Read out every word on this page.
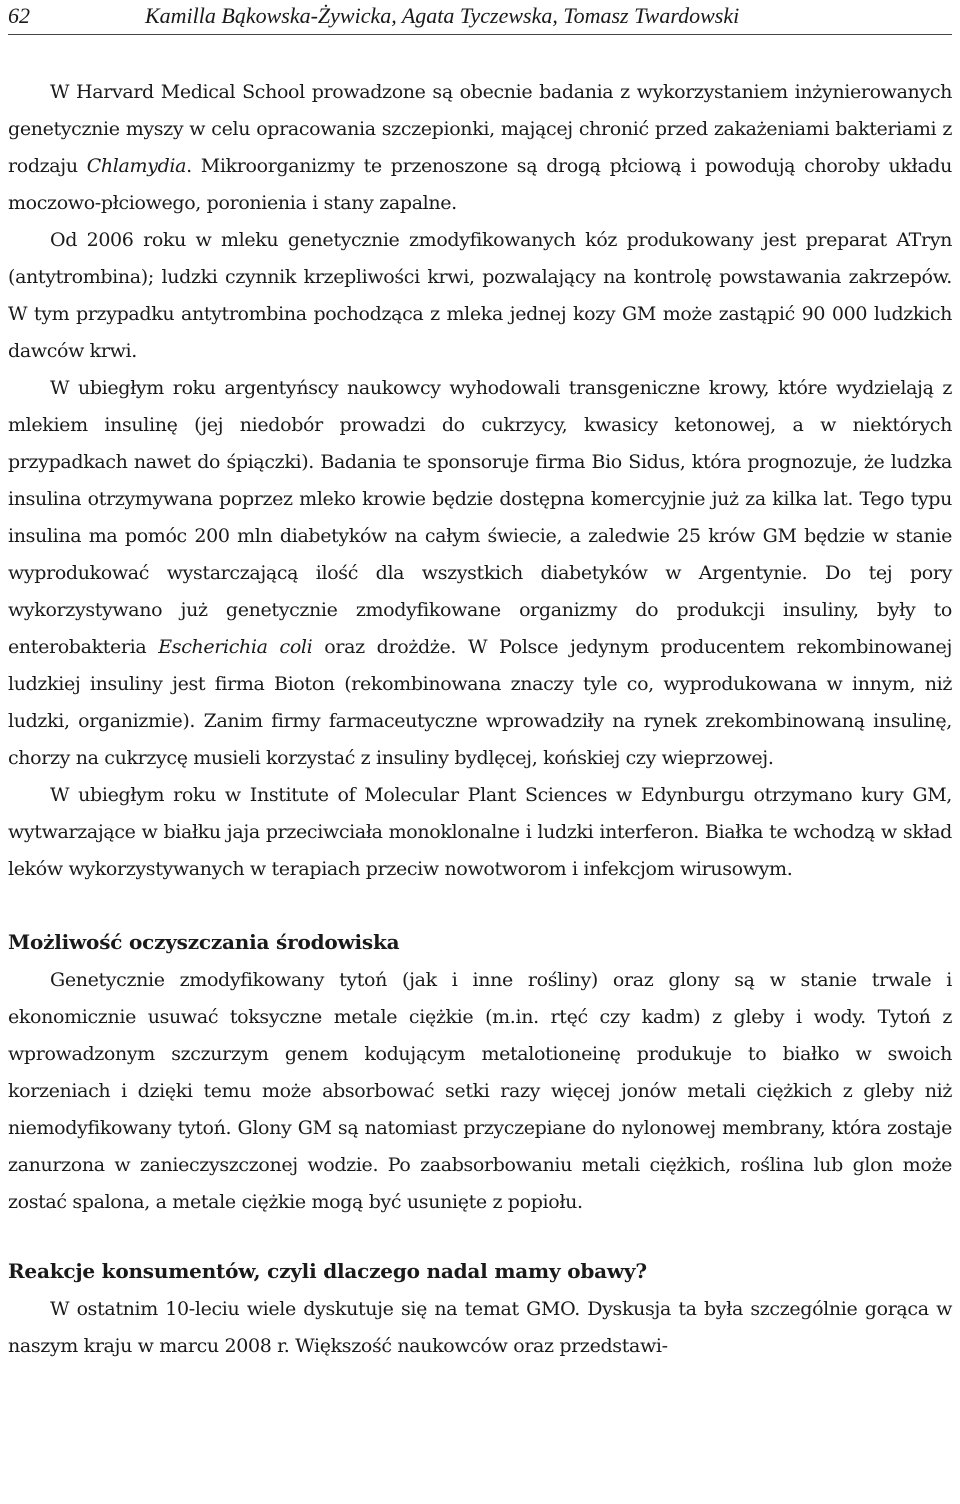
62	Kamilla Bąkowska-Żywicka, Agata Tyczewska, Tomasz Twardowski

W Harvard Medical School prowadzone są obecnie badania z wykorzystaniem inżynierowanych genetycznie myszy w celu opracowania szczepionki, mającej chronić przed zakażeniami bakteriami z rodzaju Chlamydia. Mikroorganizmy te przenoszone są drogą płciową i powodują choroby układu moczowo-płciowego, poronienia i stany zapalne.

Od 2006 roku w mleku genetycznie zmodyfikowanych kóz produkowany jest preparat ATryn (antytrombina); ludzki czynnik krzepliwości krwi, pozwalający na kontrolę powstawania zakrzepów. W tym przypadku antytrombina pochodząca z mleka jednej kozy GM może zastąpić 90 000 ludzkich dawców krwi.

W ubiegłym roku argentyńscy naukowcy wyhodowali transgeniczne krowy, które wydzielają z mlekiem insulinę (jej niedobór prowadzi do cukrzycy, kwasicy ketonowej, a w niektórych przypadkach nawet do śpiączki). Badania te sponsoruje firma Bio Sidus, która prognozuje, że ludzka insulina otrzymywana poprzez mleko krowie będzie dostępna komercyjnie już za kilka lat. Tego typu insulina ma pomóc 200 mln diabetyków na całym świecie, a zaledwie 25 krów GM będzie w stanie wyprodukować wystarczającą ilość dla wszystkich diabetyków w Argentynie. Do tej pory wykorzystywano już genetycznie zmodyfikowane organizmy do produkcji insuliny, były to enterobakteria Escherichia coli oraz drożdże. W Polsce jedynym producentem rekombinowanej ludzkiej insuliny jest firma Bioton (rekombinowana znaczy tyle co, wyprodukowana w innym, niż ludzki, organizmie). Zanim firmy farmaceutyczne wprowadziły na rynek zrekombinowaną insulinę, chorzy na cukrzycę musieli korzystać z insuliny bydlęcej, końskiej czy wieprzowej.

W ubiegłym roku w Institute of Molecular Plant Sciences w Edynburgu otrzymano kury GM, wytwarzające w białku jaja przeciwciała monoklonalne i ludzki interferon. Białka te wchodzą w skład leków wykorzystywanych w terapiach przeciw nowotworom i infekcjom wirusowym.

Możliwość oczyszczania środowiska

Genetycznie zmodyfikowany tytoń (jak i inne rośliny) oraz glony są w stanie trwale i ekonomicznie usuwać toksyczne metale ciężkie (m.in. rtęć czy kadm) z gleby i wody. Tytoń z wprowadzonym szczurzym genem kodującym metalotioneinę produkuje to białko w swoich korzeniach i dzięki temu może absorbować setki razy więcej jonów metali ciężkich z gleby niż niemodyfikowany tytoń. Glony GM są natomiast przyczepiane do nylonowej membrany, która zostaje zanurzona w zanieczyszczonej wodzie. Po zaabsorbowaniu metali ciężkich, roślina lub glon może zostać spalona, a metale ciężkie mogą być usunięte z popiołu.

Reakcje konsumentów, czyli dlaczego nadal mamy obawy?

W ostatnim 10-leciu wiele dyskutuje się na temat GMO. Dyskusja ta była szczególnie gorąca w naszym kraju w marcu 2008 r. Większość naukowców oraz przedstawi-
